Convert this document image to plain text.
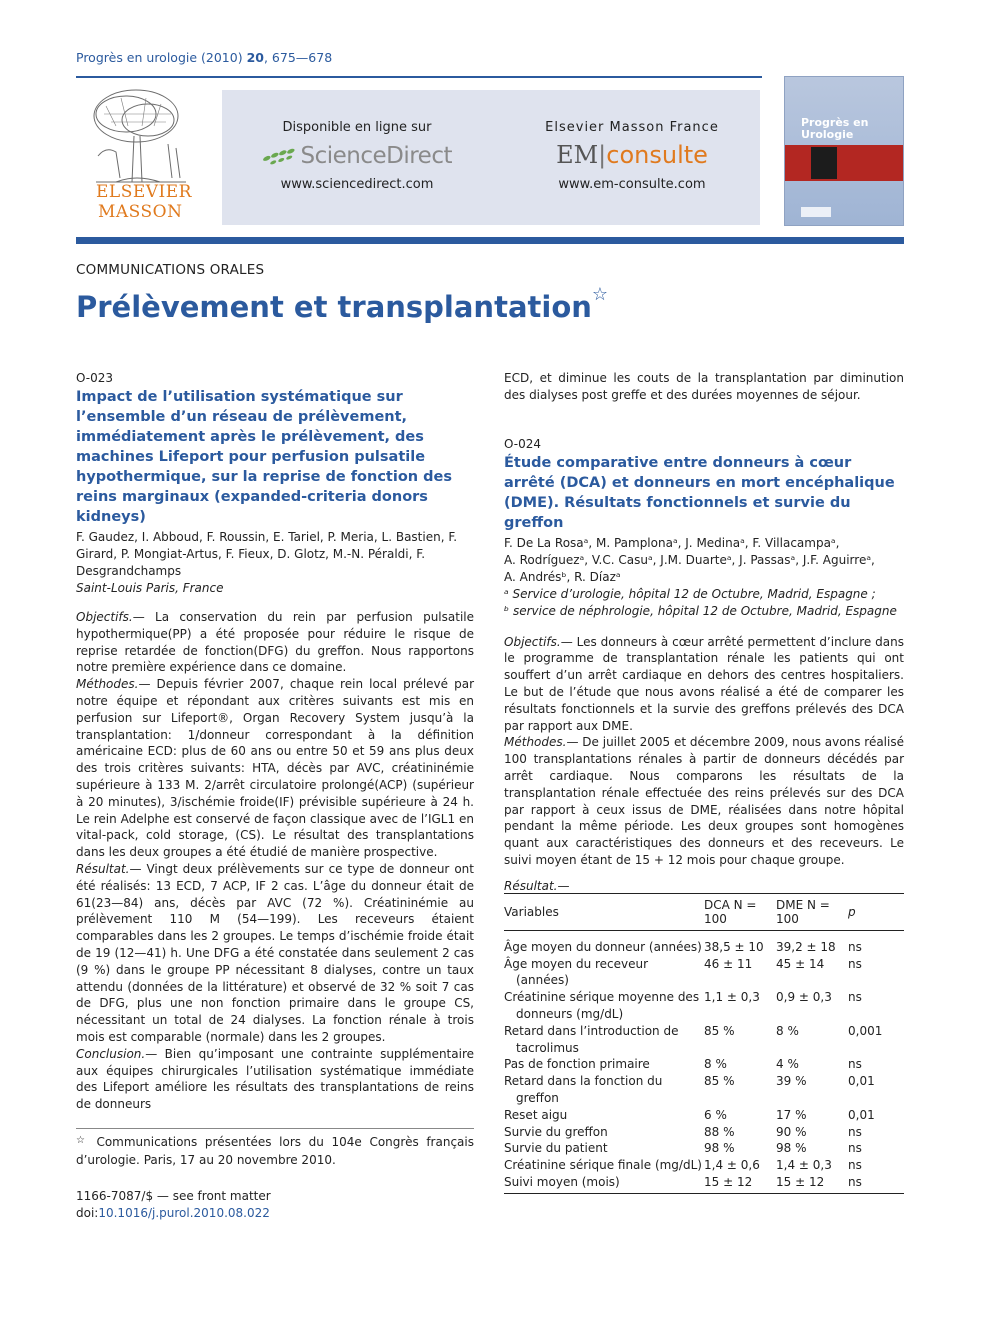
Progrès en urologie (2010) 20, 675—678
ELSEVIER
MASSON
Disponible en ligne sur
ScienceDirect
www.sciencedirect.com
Elsevier Masson France
EM|consulte
www.em-consulte.com
Progrès en
Urologie
COMMUNICATIONS ORALES
Prélèvement et transplantation☆
O-023
Impact de l’utilisation systématique sur l’ensemble d’un réseau de prélèvement, immédiatement après le prélèvement, des machines Lifeport pour perfusion pulsatile hypothermique, sur la reprise de fonction des reins marginaux (expanded-criteria donors kidneys)
F. Gaudez, I. Abboud, F. Roussin, E. Tariel, P. Meria, L. Bastien, F. Girard, P. Mongiat-Artus, F. Fieux, D. Glotz, M.-N. Péraldi, F. Desgrandchamps
Saint-Louis Paris, France

Objectifs.— La conservation du rein par perfusion pulsatile hypothermique(PP) a été proposée pour réduire le risque de reprise retardée de fonction(DFG) du greffon. Nous rapportons notre première expérience dans ce domaine.

Méthodes.— Depuis février 2007, chaque rein local prélevé par notre équipe et répondant aux critères suivants est mis en perfusion sur Lifeport®, Organ Recovery System jusqu’à la transplantation: 1/donneur correspondant à la définition américaine ECD: plus de 60 ans ou entre 50 et 59 ans plus deux des trois critères suivants: HTA, décès par AVC, créatininémie supérieure à 133 M. 2/arrêt circulatoire prolongé(ACP) (supérieur à 20 minutes), 3/ischémie froide(IF) prévisible supérieure à 24 h. Le rein Adelphe est conservé de façon classique avec de l’IGL1 en vital-pack, cold storage, (CS). Le résultat des transplantations dans les deux groupes a été étudié de manière prospective.

Résultat.— Vingt deux prélèvements sur ce type de donneur ont été réalisés: 13 ECD, 7 ACP, IF 2 cas. L’âge du donneur était de 61(23—84) ans, décès par AVC (72 %). Créatininémie au prélèvement 110 M (54—199). Les receveurs étaient comparables dans les 2 groupes. Le temps d’ischémie froide était de 19 (12—41) h. Une DFG a été constatée dans seulement 2 cas (9 %) dans le groupe PP nécessitant 8 dialyses, contre un taux attendu (données de la littérature) et observé de 32 % soit 7 cas de DFG, plus une non fonction primaire dans le groupe CS, nécessitant un total de 24 dialyses. La fonction rénale à trois mois est comparable (normale) dans les 2 groupes.

Conclusion.— Bien qu’imposant une contrainte supplémentaire aux équipes chirurgicales l’utilisation systématique immédiate des Lifeport améliore les résultats des transplantations de reins de donneurs

☆ Communications présentées lors du 104e Congrès français d’urologie. Paris, 17 au 20 novembre 2010.
1166-7087/$ — see front matter
doi:10.1016/j.purol.2010.08.022

ECD, et diminue les couts de la transplantation par diminution des dialyses post greffe et des durées moyennes de séjour.

O-024
Étude comparative entre donneurs à cœur arrêté (DCA) et donneurs en mort encéphalique (DME). Résultats fonctionnels et survie du greffon
F. De La Rosaᵃ, M. Pamplonaᵃ, J. Medinaᵃ, F. Villacampaᵃ,
A. Rodríguezᵃ, V.C. Casuᵃ, J.M. Duarteᵃ, J. Passasᵃ, J.F. Aguirreᵃ,
A. Andrésᵇ, R. Díazᵃ
ᵃ Service d’urologie, hôpital 12 de Octubre, Madrid, Espagne ;
ᵇ service de néphrologie, hôpital 12 de Octubre, Madrid, Espagne

Objectifs.— Les donneurs à cœur arrêté permettent d’inclure dans le programme de transplantation rénale les patients qui ont souffert d’un arrêt cardiaque en dehors des centres hospitaliers. Le but de l’étude que nous avons réalisé a été de comparer les résultats fonctionnels et la survie des greffons prélevés des DCA par rapport aux DME.

Méthodes.— De juillet 2005 et décembre 2009, nous avons réalisé 100 transplantations rénales à partir de donneurs décédés par arrêt cardiaque. Nous comparons les résultats de la transplantation rénale effectuée des reins prélevés sur des DCA par rapport à ceux issus de DME, réalisées dans notre hôpital pendant la même période. Les deux groupes sont homogènes quant aux caractéristiques des donneurs et des receveurs. Le suivi moyen étant de 15 + 12 mois pour chaque groupe.

Résultat.—
Variables	DCA N = 100	DME N = 100	p
Âge moyen du donneur (années)	38,5 ± 10	39,2 ± 18	ns
Âge moyen du receveur (années)	46 ± 11	45 ± 14	ns
Créatinine sérique moyenne des donneurs (mg/dL)	1,1 ± 0,3	0,9 ± 0,3	ns
Retard dans l’introduction de tacrolimus	85 %	8 %	0,001
Pas de fonction primaire	8 %	4 %	ns
Retard dans la fonction du greffon	85 %	39 %	0,01
Reset aigu	6 %	17 %	0,01
Survie du greffon	88 %	90 %	ns
Survie du patient	98 %	98 %	ns
Créatinine sérique finale (mg/dL)	1,4 ± 0,6	1,4 ± 0,3	ns
Suivi moyen (mois)	15 ± 12	15 ± 12	ns
